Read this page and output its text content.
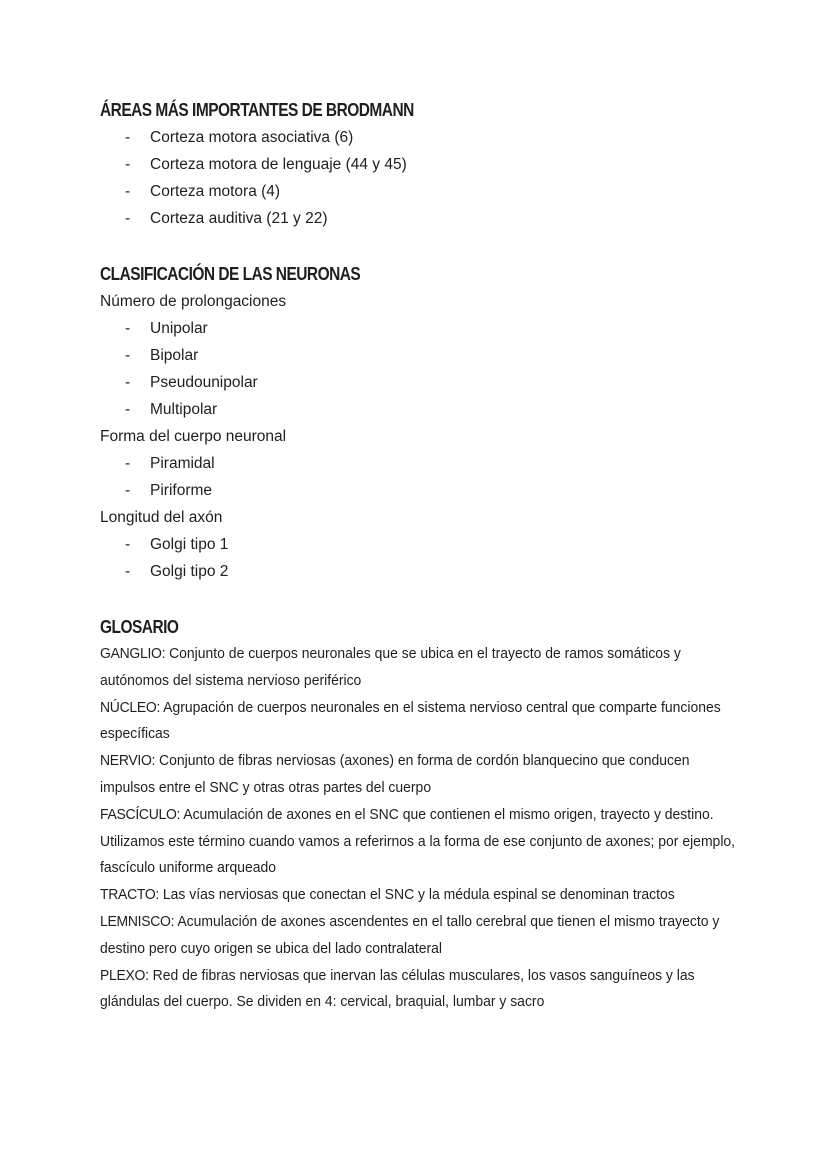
ÁREAS MÁS IMPORTANTES DE BRODMANN
- Corteza motora asociativa (6)
- Corteza motora de lenguaje (44 y 45)
- Corteza motora (4)
- Corteza auditiva (21 y 22)
CLASIFICACIÓN DE LAS NEURONAS
Número de prolongaciones
- Unipolar
- Bipolar
- Pseudounipolar
- Multipolar
Forma del cuerpo neuronal
- Piramidal
- Piriforme
Longitud del axón
- Golgi tipo 1
- Golgi tipo 2
GLOSARIO

GANGLIO: Conjunto de cuerpos neuronales que se ubica en el trayecto de ramos somáticos y autónomos del sistema nervioso periférico

NÚCLEO: Agrupación de cuerpos neuronales en el sistema nervioso central que comparte funciones específicas

NERVIO: Conjunto de fibras nerviosas (axones) en forma de cordón blanquecino que conducen impulsos entre el SNC y otras otras partes del cuerpo

FASCÍCULO: Acumulación de axones en el SNC que contienen el mismo origen, trayecto y destino. Utilizamos este término cuando vamos a referirnos a la forma de ese conjunto de axones; por ejemplo, fascículo uniforme arqueado

TRACTO: Las vías nerviosas que conectan el SNC y la médula espinal se denominan tractos

LEMNISCO: Acumulación de axones ascendentes en el tallo cerebral que tienen el mismo trayecto y destino pero cuyo origen se ubica del lado contralateral

PLEXO: Red de fibras nerviosas que inervan las células musculares, los vasos sanguíneos y las glándulas del cuerpo. Se dividen en 4: cervical, braquial, lumbar y sacro
